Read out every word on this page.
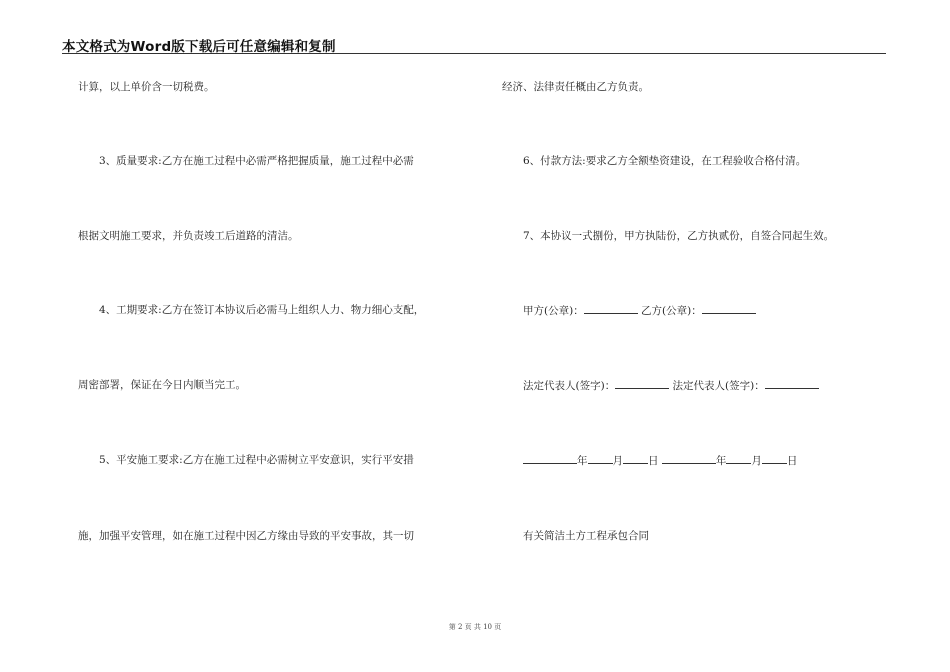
本文格式为Word版下载后可任意编辑和复制
计算，以上单价含一切税费。
3、质量要求:乙方在施工过程中必需严格把握质量，施工过程中必需
根据文明施工要求，并负责竣工后道路的清洁。
4、工期要求:乙方在签订本协议后必需马上组织人力、物力细心支配，
周密部署，保证在今日内顺当完工。
5、平安施工要求:乙方在施工过程中必需树立平安意识，实行平安措
施，加强平安管理，如在施工过程中因乙方缘由导致的平安事故，其一切
经济、法律责任概由乙方负责。
6、付款方法:要求乙方全额垫资建设，在工程验收合格付清。
7、本协议一式捌份，甲方执陆份，乙方执贰份，自签合同起生效。
甲方(公章)：	乙方(公章)：
法定代表人(签字)：	法定代表人(签字)：
年 月 日	年 月 日
有关简洁土方工程承包合同
第 2 页 共 10 页
